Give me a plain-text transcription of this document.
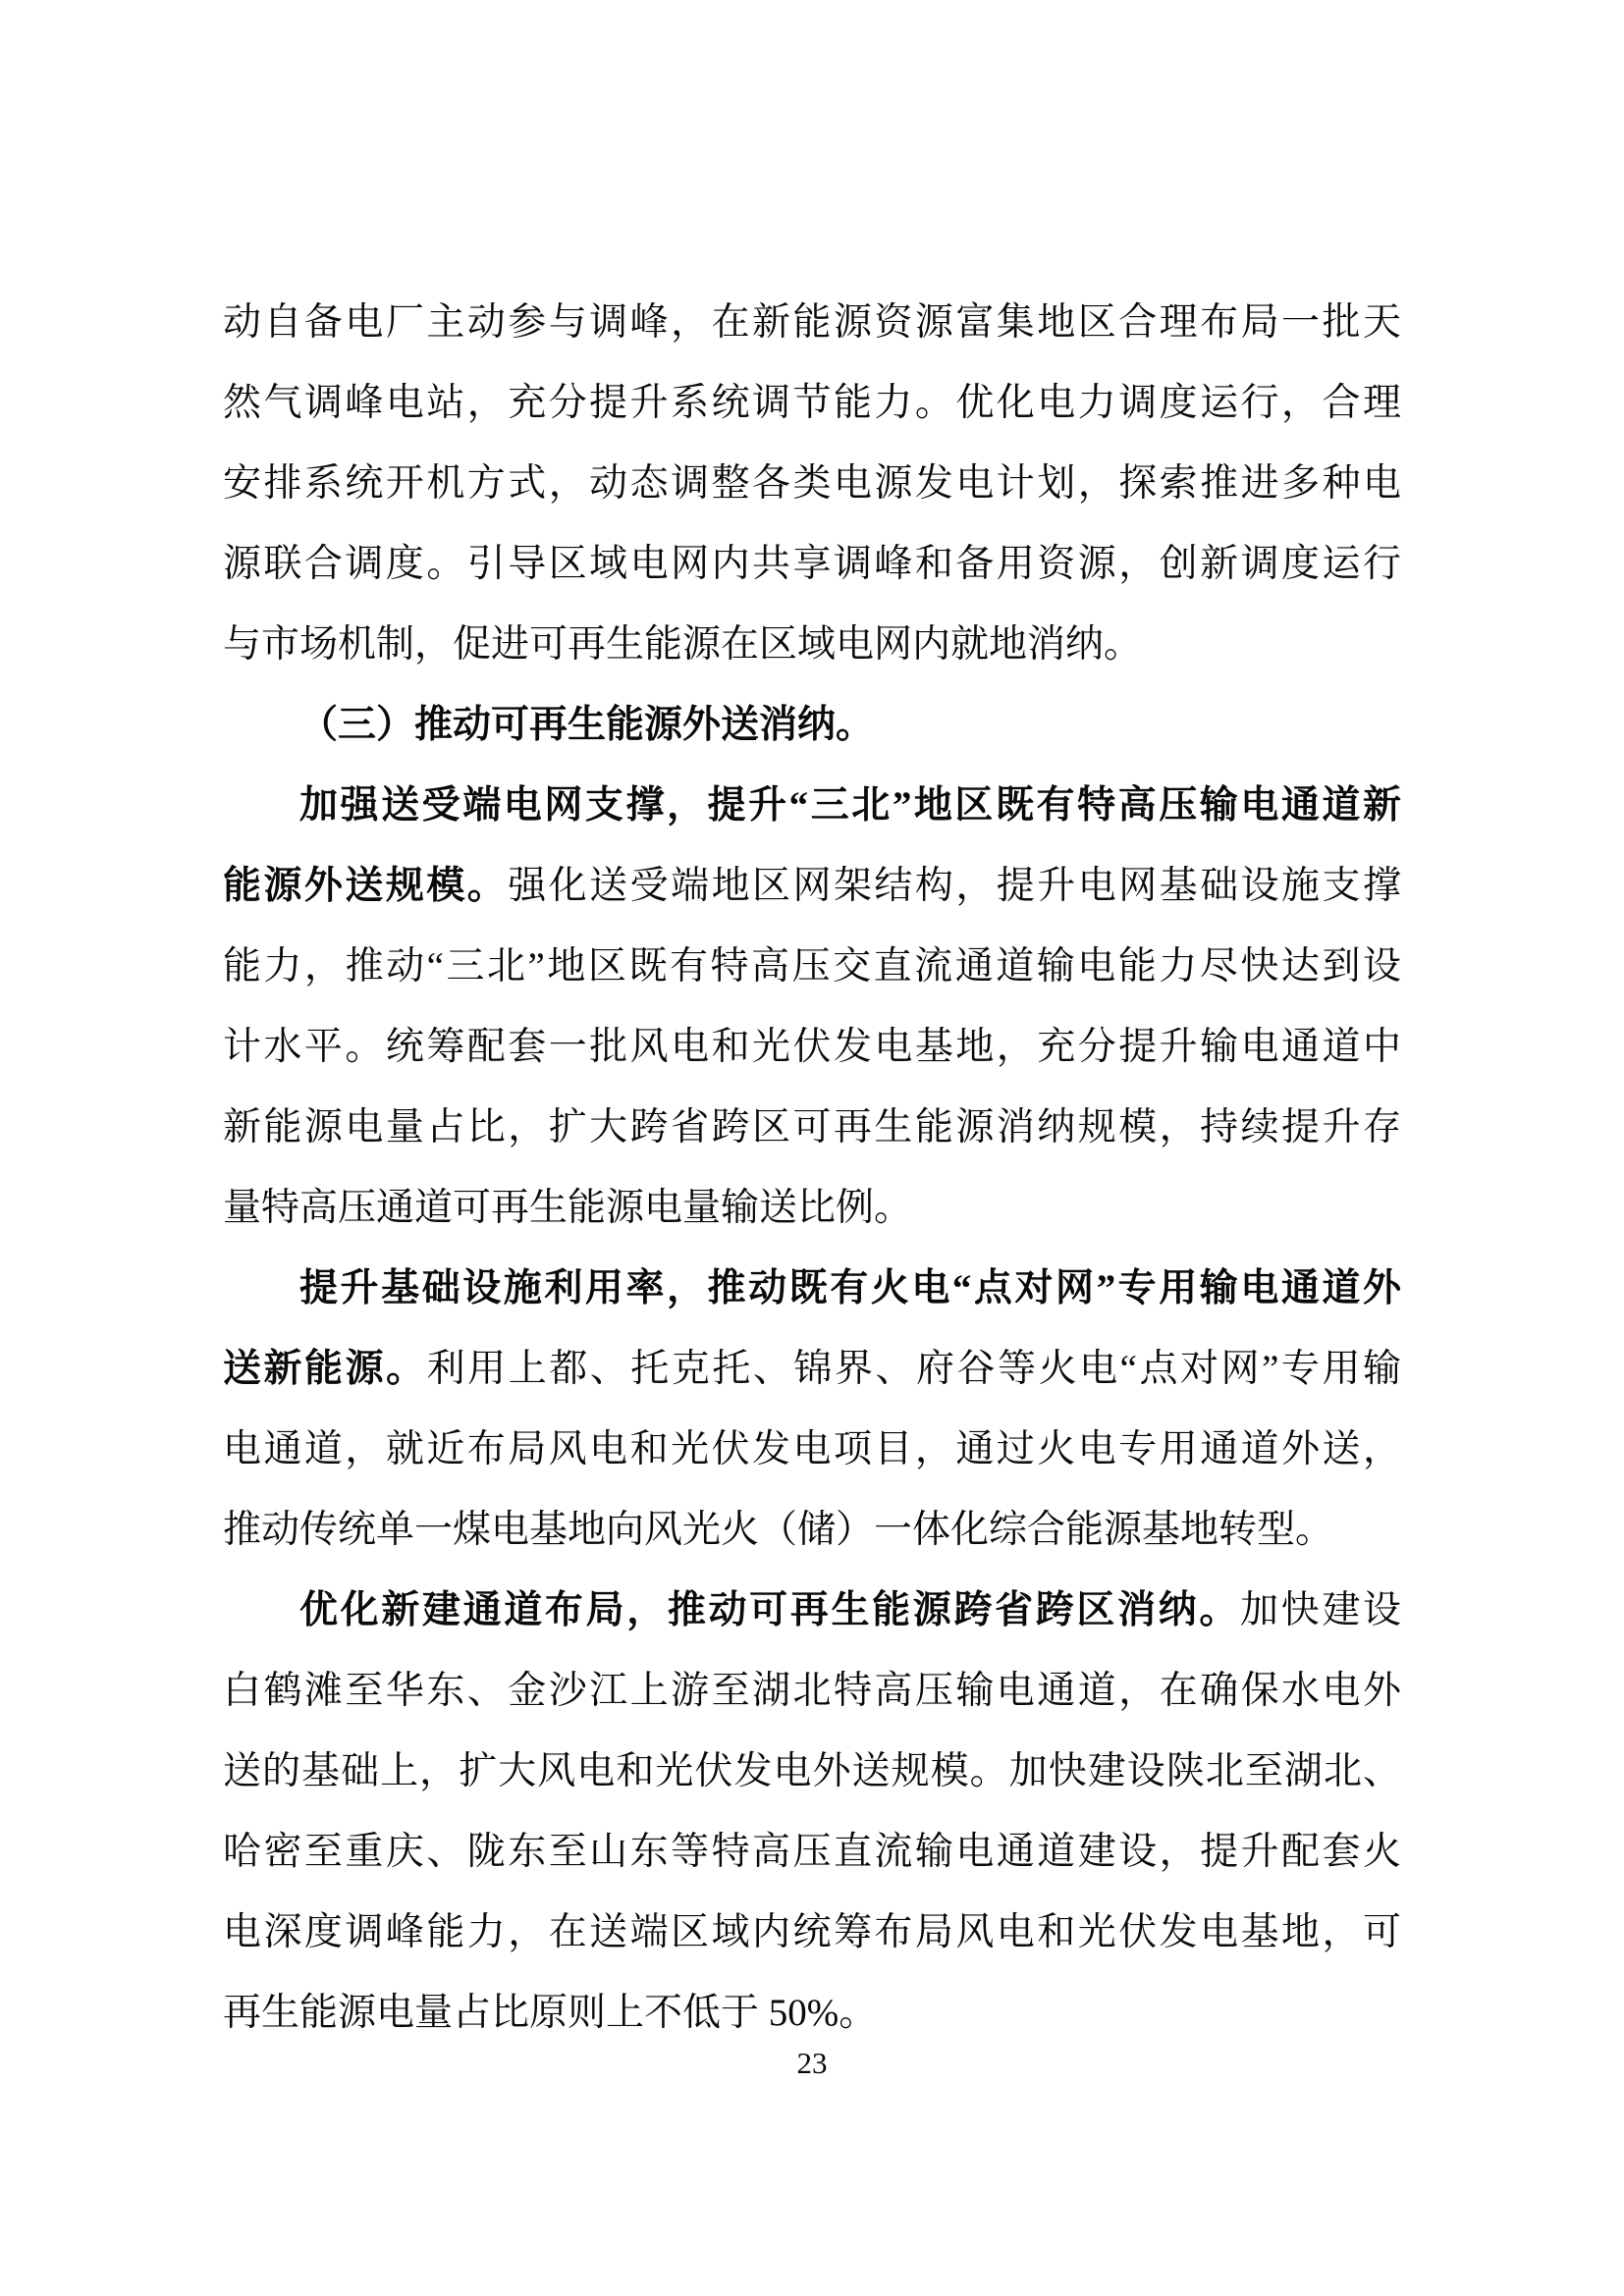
动自备电厂主动参与调峰，在新能源资源富集地区合理布局一批天
然气调峰电站，充分提升系统调节能力。优化电力调度运行，合理
安排系统开机方式，动态调整各类电源发电计划，探索推进多种电
源联合调度。引导区域电网内共享调峰和备用资源，创新调度运行
与市场机制，促进可再生能源在区域电网内就地消纳。
（三）推动可再生能源外送消纳。
加强送受端电网支撑，提升“三北”地区既有特高压输电通道新
能源外送规模。强化送受端地区网架结构，提升电网基础设施支撑
能力，推动“三北”地区既有特高压交直流通道输电能力尽快达到设
计水平。统筹配套一批风电和光伏发电基地，充分提升输电通道中
新能源电量占比，扩大跨省跨区可再生能源消纳规模，持续提升存
量特高压通道可再生能源电量输送比例。
提升基础设施利用率，推动既有火电“点对网”专用输电通道外
送新能源。利用上都、托克托、锦界、府谷等火电“点对网”专用输
电通道，就近布局风电和光伏发电项目，通过火电专用通道外送，
推动传统单一煤电基地向风光火（储）一体化综合能源基地转型。
优化新建通道布局，推动可再生能源跨省跨区消纳。加快建设
白鹤滩至华东、金沙江上游至湖北特高压输电通道，在确保水电外
送的基础上，扩大风电和光伏发电外送规模。加快建设陕北至湖北、
哈密至重庆、陇东至山东等特高压直流输电通道建设，提升配套火
电深度调峰能力，在送端区域内统筹布局风电和光伏发电基地，可
再生能源电量占比原则上不低于 50%。
23
